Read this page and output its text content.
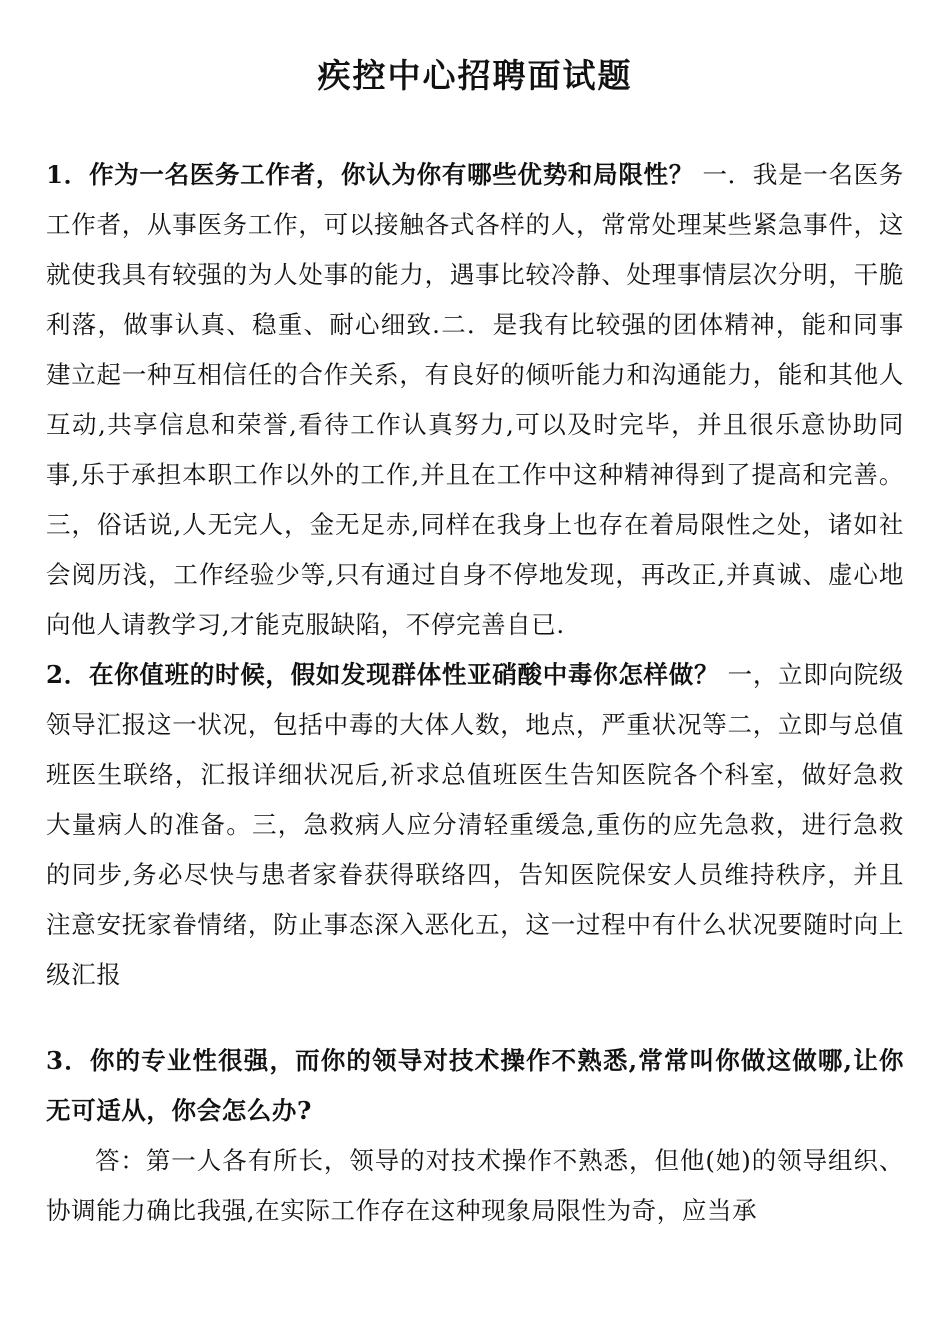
疾控中心招聘面试题

1．作为一名医务工作者，你认为你有哪些优势和局限性？ 一．我是一名医务工作者，从事医务工作，可以接触各式各样的人，常常处理某些紧急事件，这就使我具有较强的为人处事的能力，遇事比较冷静、处理事情层次分明，干脆利落，做事认真、稳重、耐心细致.二．是我有比较强的团体精神，能和同事建立起一种互相信任的合作关系，有良好的倾听能力和沟通能力，能和其他人互动,共享信息和荣誉,看待工作认真努力,可以及时完毕，并且很乐意协助同事,乐于承担本职工作以外的工作,并且在工作中这种精神得到了提高和完善。三，俗话说,人无完人，金无足赤,同样在我身上也存在着局限性之处，诸如社会阅历浅，工作经验少等,只有通过自身不停地发现，再改正,并真诚、虚心地向他人请教学习,才能克服缺陷，不停完善自已.

2．在你值班的时候，假如发现群体性亚硝酸中毒你怎样做？ 一，立即向院级领导汇报这一状况，包括中毒的大体人数，地点，严重状况等二，立即与总值班医生联络，汇报详细状况后,祈求总值班医生告知医院各个科室，做好急救大量病人的准备。三，急救病人应分清轻重缓急,重伤的应先急救，进行急救的同步,务必尽快与患者家眷获得联络四，告知医院保安人员维持秩序，并且注意安抚家眷情绪，防止事态深入恶化五，这一过程中有什么状况要随时向上级汇报

3．你的专业性很强，而你的领导对技术操作不熟悉,常常叫你做这做哪,让你无可适从，你会怎么办?

答：第一人各有所长，领导的对技术操作不熟悉，但他(她)的领导组织、协调能力确比我强,在实际工作存在这种现象局限性为奇，应当承
